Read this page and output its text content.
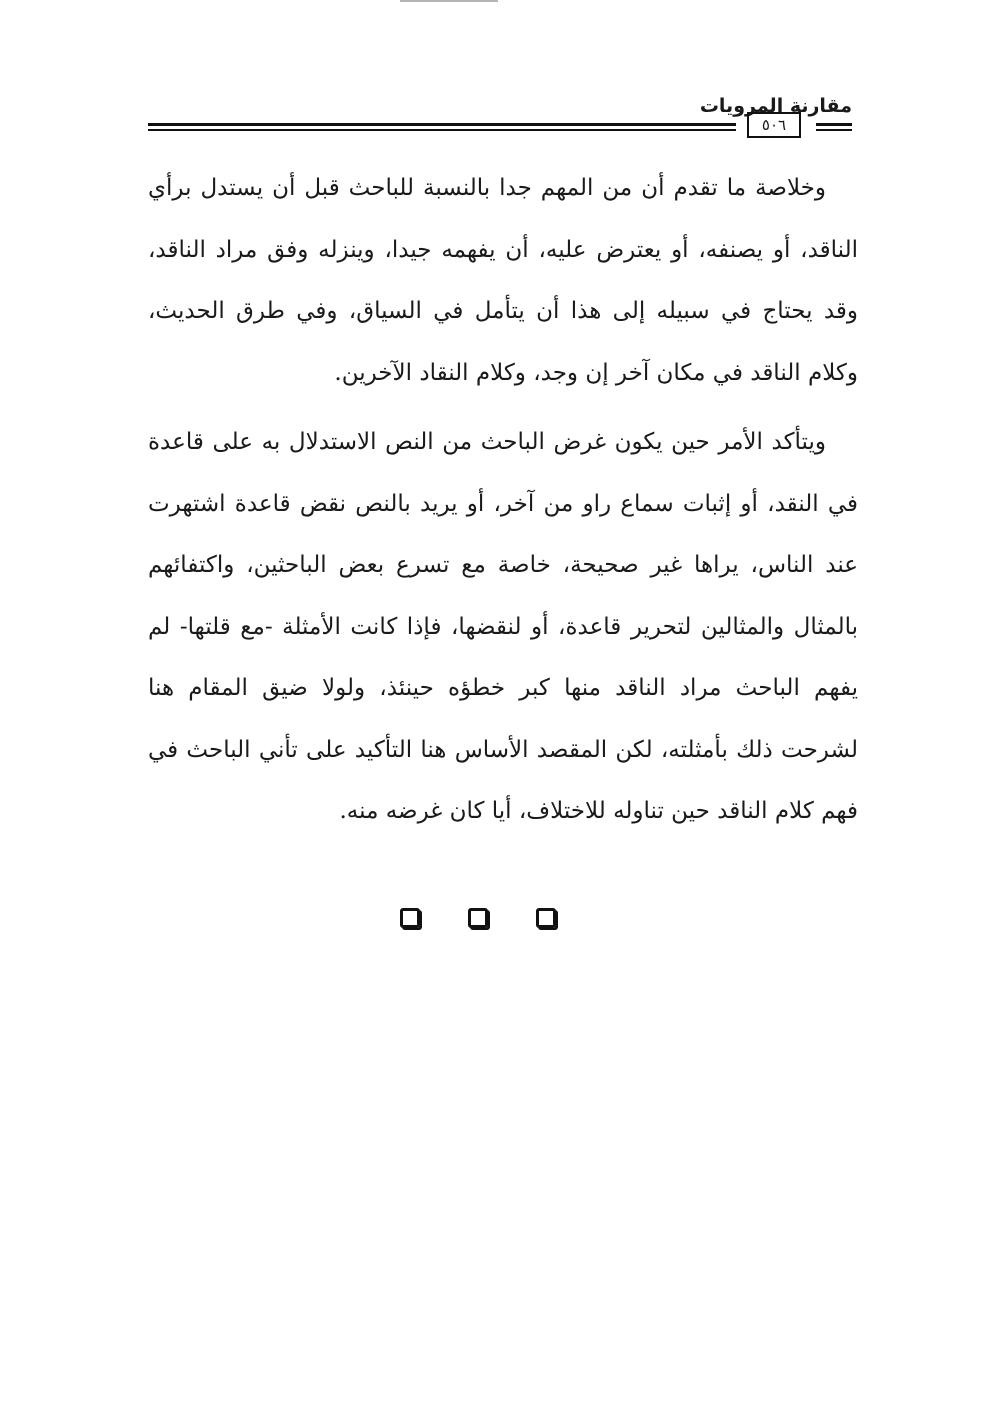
مقارنة المرويات
٥٠٦

وخلاصة ما تقدم أن من المهم جدا بالنسبة للباحث قبل أن يستدل برأي الناقد، أو يصنفه، أو يعترض عليه، أن يفهمه جيدا، وينزله وفق مراد الناقد، وقد يحتاج في سبيله إلى هذا أن يتأمل في السياق، وفي طرق الحديث، وكلام الناقد في مكان آخر إن وجد، وكلام النقاد الآخرين.

ويتأكد الأمر حين يكون غرض الباحث من النص الاستدلال به على قاعدة في النقد، أو إثبات سماع راو من آخر، أو يريد بالنص نقض قاعدة اشتهرت عند الناس، يراها غير صحيحة، خاصة مع تسرع بعض الباحثين، واكتفائهم بالمثال والمثالين لتحرير قاعدة، أو لنقضها، فإذا كانت الأمثلة -مع قلتها- لم يفهم الباحث مراد الناقد منها كبر خطؤه حينئذ، ولولا ضيق المقام هنا لشرحت ذلك بأمثلته، لكن المقصد الأساس هنا التأكيد على تأني الباحث في فهم كلام الناقد حين تناوله للاختلاف، أيا كان غرضه منه.
